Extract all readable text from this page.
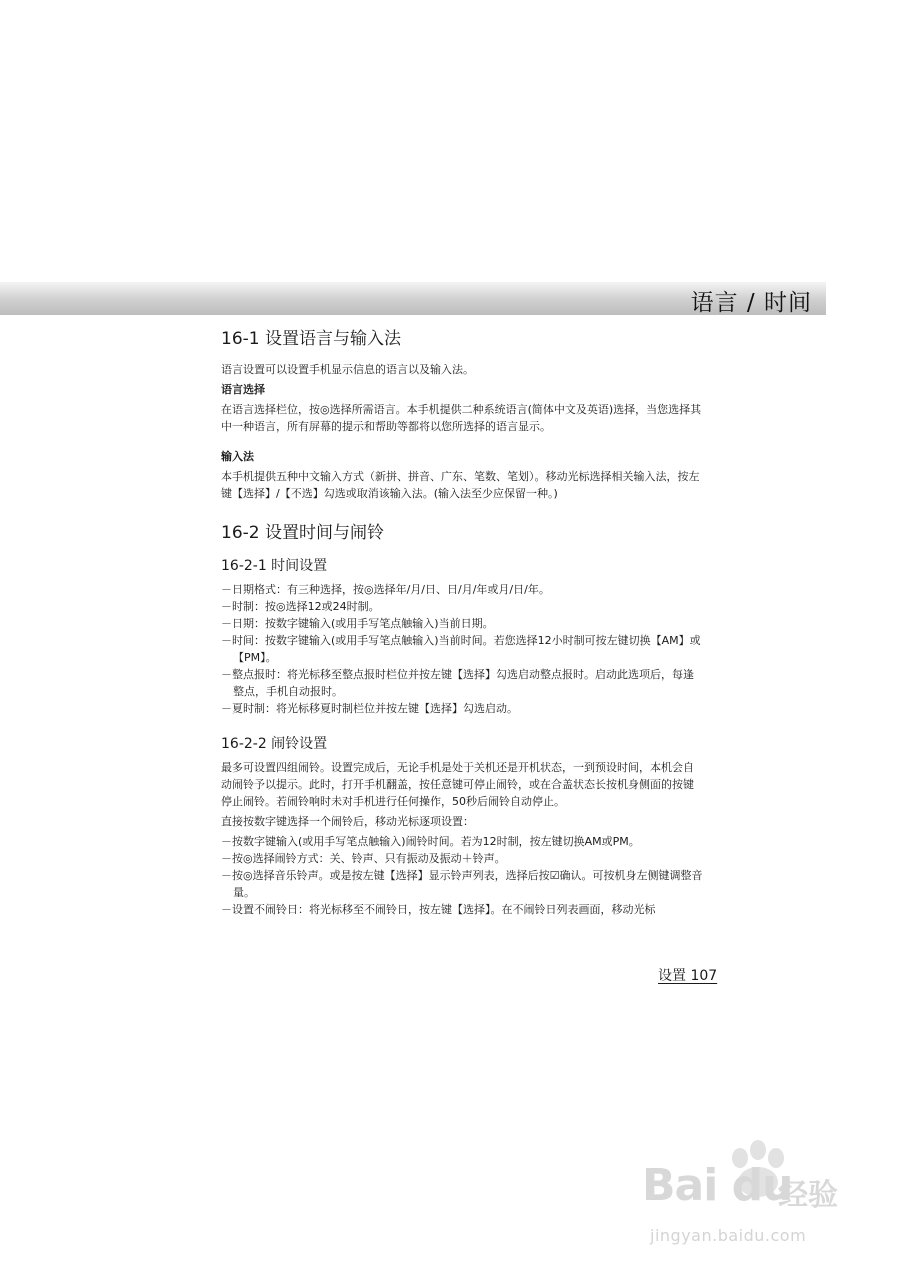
语言 / 时间
16-1 设置语言与输入法

语言设置可以设置手机显示信息的语言以及输入法。

语言选择

在语言选择栏位，按◎选择所需语言。本手机提供二种系统语言(简体中文及英语)选择，当您选择其中一种语言，所有屏幕的提示和帮助等都将以您所选择的语言显示。

输入法

本手机提供五种中文输入方式（新拼、拼音、广东、笔数、笔划）。移动光标选择相关输入法，按左键【选择】/【不选】勾选或取消该输入法。(输入法至少应保留一种。)

16-2 设置时间与闹铃
16-2-1 时间设置

－日期格式：有三种选择，按◎选择年/月/日、日/月/年或月/日/年。

－时制：按◎选择12或24时制。

－日期：按数字键输入(或用手写笔点触输入)当前日期。

－时间：按数字键输入(或用手写笔点触输入)当前时间。若您选择12小时制可按左键切换【AM】或【PM】。

－整点报时：将光标移至整点报时栏位并按左键【选择】勾选启动整点报时。启动此选项后，每逢整点，手机自动报时。

－夏时制：将光标移夏时制栏位并按左键【选择】勾选启动。

16-2-2 闹铃设置

最多可设置四组闹铃。设置完成后，无论手机是处于关机还是开机状态，一到预设时间，本机会自动闹铃予以提示。此时，打开手机翻盖，按任意键可停止闹铃，或在合盖状态长按机身侧面的按键停止闹铃。若闹铃响时未对手机进行任何操作，50秒后闹铃自动停止。

直接按数字键选择一个闹铃后，移动光标逐项设置：

－按数字键输入(或用手写笔点触输入)闹铃时间。若为12时制，按左键切换AM或PM。

－按◎选择闹铃方式：关、铃声、只有振动及振动＋铃声。

－按◎选择音乐铃声。或是按左键【选择】显示铃声列表，选择后按☑确认。可按机身左侧键调整音量。

－设置不闹铃日：将光标移至不闹铃日，按左键【选择】。在不闹铃日列表画面，移动光标

设置 107
Bai du
经验
jingyan.baidu.com
